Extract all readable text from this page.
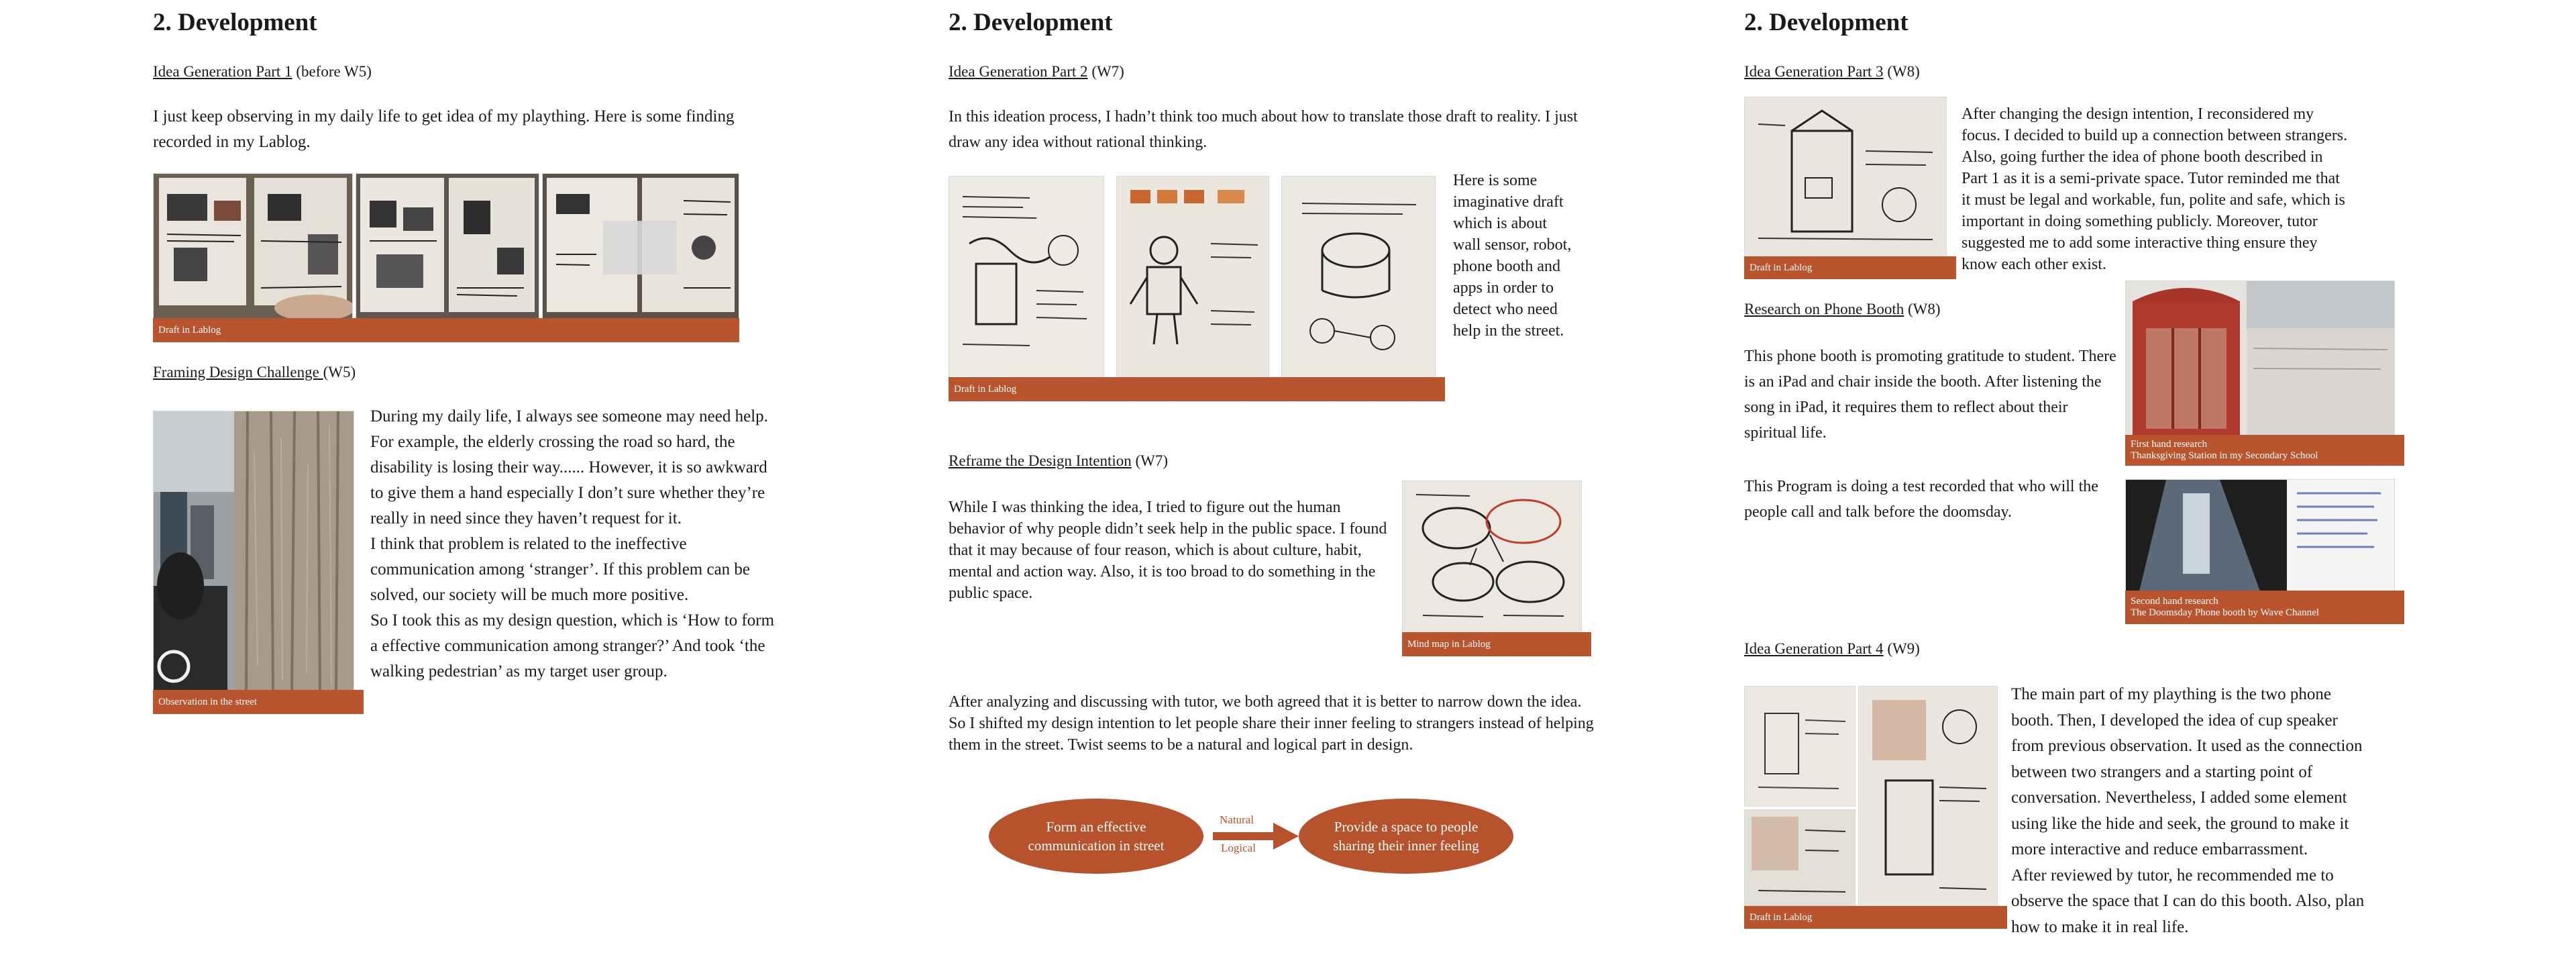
2. Development
Idea Generation Part 1 (before W5)
I just keep observing in my daily life to get idea of my plaything. Here is some finding recorded in my Lablog.
Draft in Lablog
Framing Design Challenge (W5)
Observation in the street

During my daily life, I always see someone may need help.

For example, the elderly crossing the road so hard, the

disability is losing their way...... However, it is so awkward

to give them a hand especially I don’t sure whether they’re

really in need since they haven’t request for it.

I think that problem is related to the ineffective

communication among ‘stranger’. If this problem can be

solved, our society will be much more positive.

So I took this as my design question, which is ‘How to form

a effective communication among stranger?’ And took ‘the

walking pedestrian’ as my target user group.

2. Development
Idea Generation Part 2 (W7)
In this ideation process, I hadn’t think too much about how to translate those draft to reality. I just draw any idea without rational thinking.
Draft in Lablog

Here is some

imaginative draft

which is about

wall sensor, robot,

phone booth and

apps in order to

detect who need

help in the street.

Reframe the Design Intention (W7)
While I was thinking the idea, I tried to figure out the human behavior of why people didn’t seek help in the public space. I found that it may because of four reason, which is about culture, habit, mental and action way. Also, it is too broad to do something in the public space.
Mind map in Lablog
After analyzing and discussing with tutor, we both agreed that it is better to narrow down the idea. So I shifted my design intention to let people share their inner feeling to strangers instead of helping them in the street. Twist seems to be a natural and logical part in design.
Form an effective communication in street
Natural
Logical
Provide a space to people sharing their inner feeling
2. Development
Idea Generation Part 3 (W8)
Draft in Lablog

After changing the design intention, I reconsidered my

focus. I decided to build up a connection between strangers.

Also, going further the idea of phone booth described in

Part 1 as it is a semi-private space. Tutor reminded me that

it must be legal and workable, fun, polite and safe, which is

important in doing something publicly. Moreover, tutor

suggested me to add some interactive thing ensure they

know each other exist.

Research on Phone Booth (W8)
This phone booth is promoting gratitude to student. There is an iPad and chair inside the booth. After listening the song in iPad, it requires them to reflect about their spiritual life.
This Program is doing a test recorded that who will the people call and talk before the doomsday.
First hand research
Thanksgiving Station in my Secondary School
Second hand research
The Doomsday Phone booth by Wave Channel
Idea Generation Part 4 (W9)
Draft in Lablog

The main part of my plaything is the two phone

booth. Then, I developed the idea of cup speaker

from previous observation. It used as the connection

between two strangers and a starting point of

conversation. Nevertheless, I added some element

using like the hide and seek, the ground to make it

more interactive and reduce embarrassment.

After reviewed by tutor, he recommended me to

observe the space that I can do this booth. Also, plan

how to make it in real life.
